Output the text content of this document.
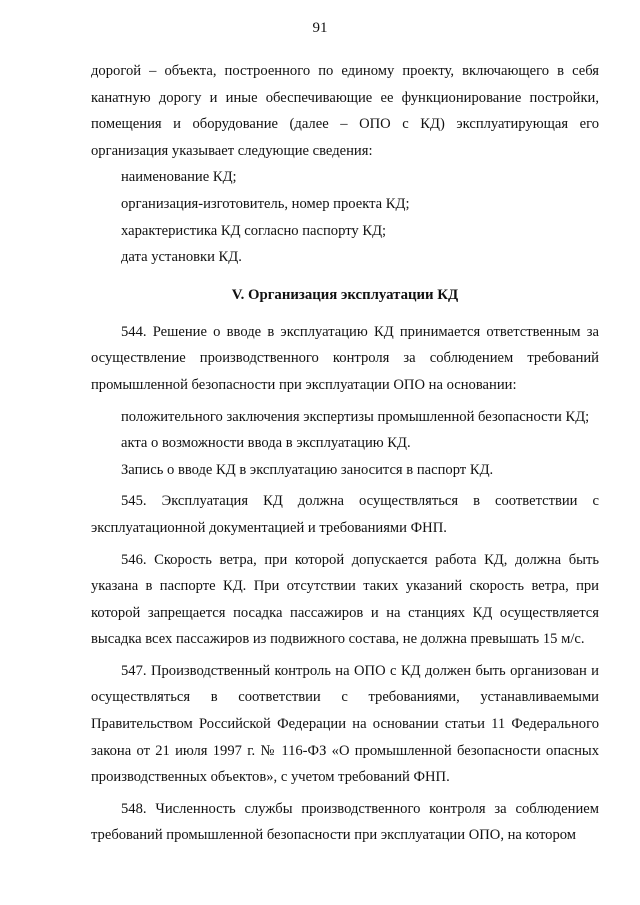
91

дорогой – объекта, построенного по единому проекту, включающего в себя канатную дорогу и иные обеспечивающие ее функционирование постройки, помещения и оборудование (далее – ОПО с КД) эксплуатирующая его организация указывает следующие сведения:

наименование КД;

организация-изготовитель, номер проекта КД;

характеристика КД согласно паспорту КД;

дата установки КД.

V. Организация эксплуатации КД

544. Решение о вводе в эксплуатацию КД принимается ответственным за осуществление производственного контроля за соблюдением требований промышленной безопасности при эксплуатации ОПО на основании:

положительного заключения экспертизы промышленной безопасности КД;

акта о возможности ввода в эксплуатацию КД.

Запись о вводе КД в эксплуатацию заносится в паспорт КД.

545. Эксплуатация КД должна осуществляться в соответствии с эксплуатационной документацией и требованиями ФНП.

546. Скорость ветра, при которой допускается работа КД, должна быть указана в паспорте КД. При отсутствии таких указаний скорость ветра, при которой запрещается посадка пассажиров и на станциях КД осуществляется высадка всех пассажиров из подвижного состава, не должна превышать 15 м/с.

547. Производственный контроль на ОПО с КД должен быть организован и осуществляться в соответствии с требованиями, устанавливаемыми Правительством Российской Федерации на основании статьи 11 Федерального закона от 21 июля 1997 г. № 116-ФЗ «О промышленной безопасности опасных производственных объектов», с учетом требований ФНП.

548. Численность службы производственного контроля за соблюдением требований промышленной безопасности при эксплуатации ОПО, на котором
